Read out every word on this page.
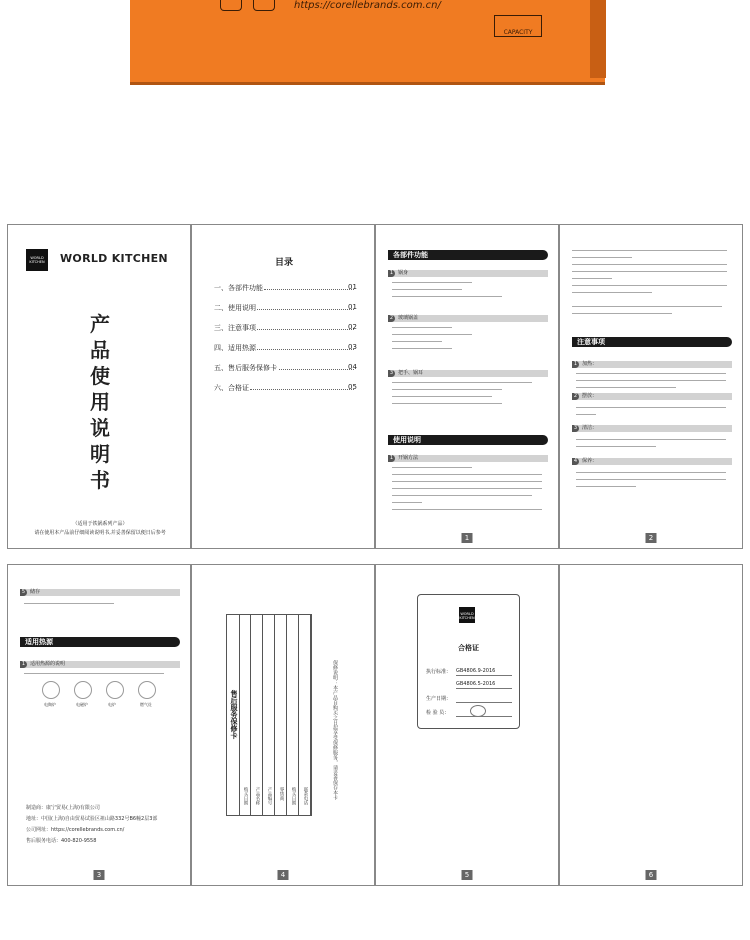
https://corellebrands.com.cn/
CAPACITY
WORLD
KITCHEN	WORLD KITCHEN
产
品
使
用
说
明
书
（适用于铁锅系列产品）
请在使用本产品前仔细阅读说明书,并妥善保留以便日后参考
目录
一、各部件功能	01
二、使用说明	01
三、注意事项	02
四、适用热源	03
五、售后服务保修卡	04
六、合格证	05
各部件功能
1 锅身
2 玻璃锅盖
3 把手、锅耳
使用说明
1 开锅方法
1
注意事项
1 加热：
2 摆放：
3 清洁：
4 保养：
2
5 储存
适用热源
1 适用热源的说明
电陶炉	电磁炉	电炉	燃气灶
制造商：康宁贸易(上海)有限公司
地址：中国(上海)自由贸易试验区祖山路332号B6幢2层3部
公司网址：https://corellebrands.com.cn/
售后服务电话：400-820-9558
3
售后服务保修卡
购买日期 产品名称 产品编号 零售商 购买日期 联系电话	保修说明：本产品自购买之日起享受保修服务，请妥善保存本卡
4
WORLD
KITCHEN
合格证
执行标准： GB4806.9-2016
GB4806.5-2016
生产日期：
检 验 员：
5	6
